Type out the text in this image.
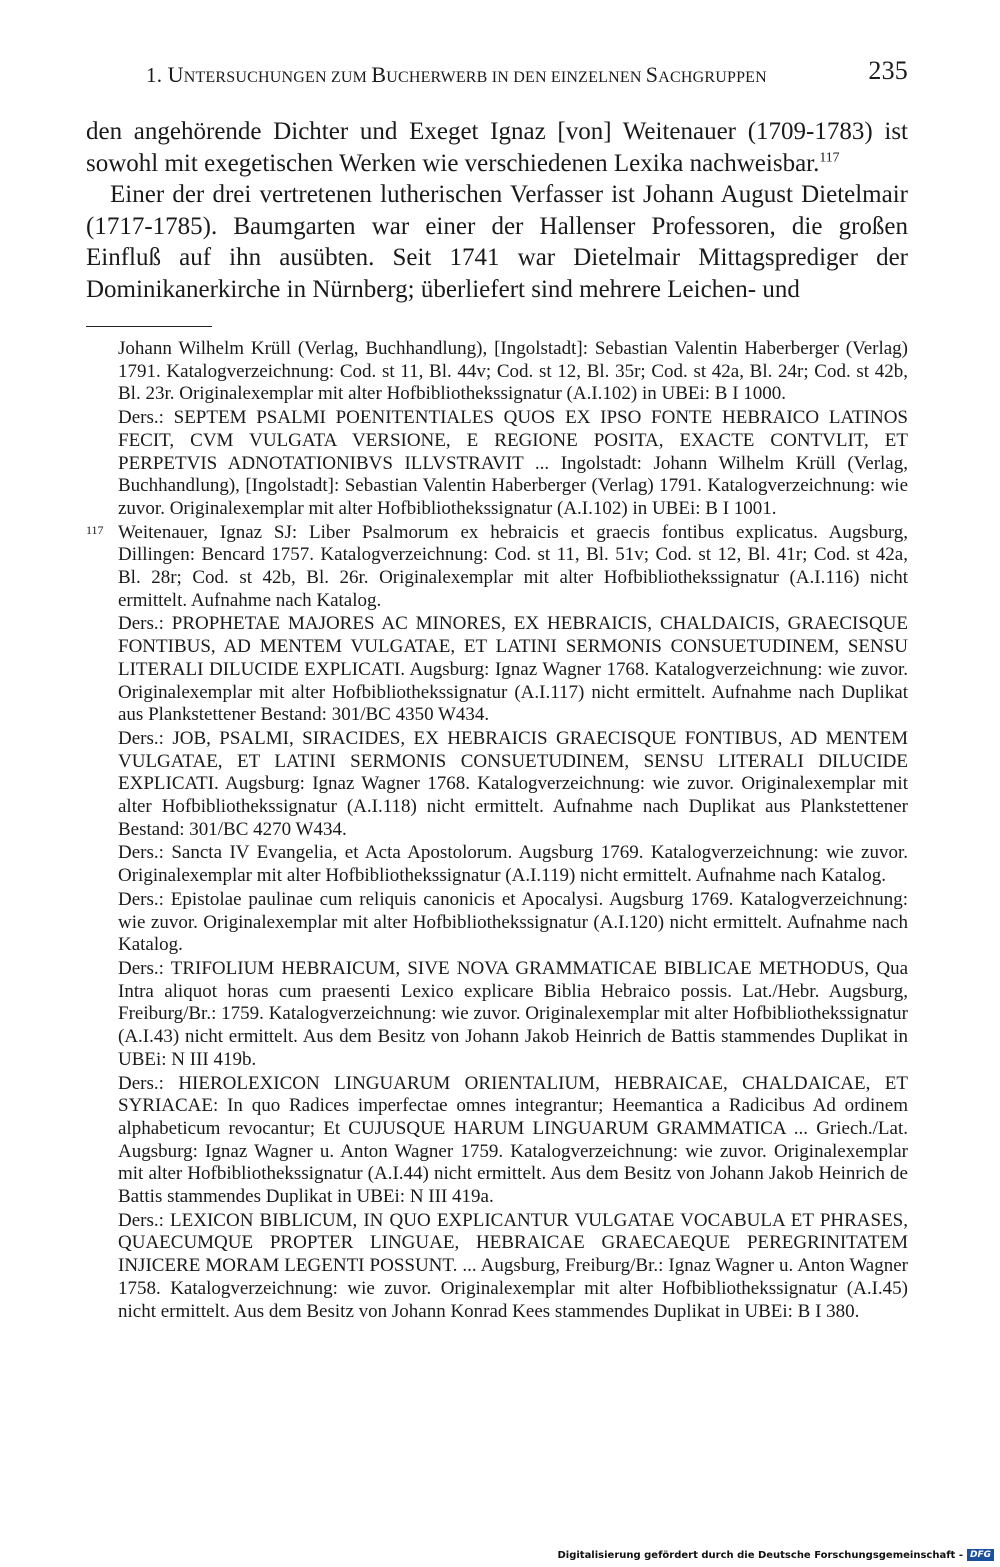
1. UNTERSUCHUNGEN ZUM BUCHERWERB IN DEN EINZELNEN SACHGRUPPEN	235

den angehörende Dichter und Exeget Ignaz [von] Weitenauer (1709-1783) ist sowohl mit exegetischen Werken wie verschiedenen Lexika nachweisbar.$^{117}$

Einer der drei vertretenen lutherischen Verfasser ist Johann August Dietelmair (1717-1785). Baumgarten war einer der Hallenser Professoren, die großen Einfluß auf ihn ausübten. Seit 1741 war Dietelmair Mittagsprediger der Dominikanerkirche in Nürnberg; überliefert sind mehrere Leichen- und

Johann Wilhelm Krüll (Verlag, Buchhandlung), [Ingolstadt]: Sebastian Valentin Haberberger (Verlag) 1791. Katalogverzeichnung: Cod. st 11, Bl. 44v; Cod. st 12, Bl. 35r; Cod. st 42a, Bl. 24r; Cod. st 42b, Bl. 23r. Originalexemplar mit alter Hofbibliothekssignatur (A.I.102) in UBEi: B I 1000.

Ders.: SEPTEM PSALMI POENITENTIALES QUOS EX IPSO FONTE HEBRAICO LATINOS FECIT, CVM VULGATA VERSIONE, E REGIONE POSITA, EXACTE CONTVLIT, ET PERPETVIS ADNOTATIONIBVS ILLVSTRAVIT ... Ingolstadt: Johann Wilhelm Krüll (Verlag, Buchhandlung), [Ingolstadt]: Sebastian Valentin Haberberger (Verlag) 1791. Katalogverzeichnung: wie zuvor. Originalexemplar mit alter Hofbibliothekssignatur (A.I.102) in UBEi: B I 1001.

117 Weitenauer, Ignaz SJ: Liber Psalmorum ex hebraicis et graecis fontibus explicatus. Augsburg, Dillingen: Bencard 1757. Katalogverzeichnung: Cod. st 11, Bl. 51v; Cod. st 12, Bl. 41r; Cod. st 42a, Bl. 28r; Cod. st 42b, Bl. 26r. Originalexemplar mit alter Hofbibliothekssignatur (A.I.116) nicht ermittelt. Aufnahme nach Katalog.

Ders.: PROPHETAE MAJORES AC MINORES, EX HEBRAICIS, CHALDAICIS, GRAECISQUE FONTIBUS, AD MENTEM VULGATAE, ET LATINI SERMONIS CONSUETUDINEM, SENSU LITERALI DILUCIDE EXPLICATI. Augsburg: Ignaz Wagner 1768. Katalogverzeichnung: wie zuvor. Originalexemplar mit alter Hofbibliothekssignatur (A.I.117) nicht ermittelt. Aufnahme nach Duplikat aus Plankstettener Bestand: 301/BC 4350 W434.

Ders.: JOB, PSALMI, SIRACIDES, EX HEBRAICIS GRAECISQUE FONTIBUS, AD MENTEM VULGATAE, ET LATINI SERMONIS CONSUETUDINEM, SENSU LITERALI DILUCIDE EXPLICATI. Augsburg: Ignaz Wagner 1768. Katalogverzeichnung: wie zuvor. Originalexemplar mit alter Hofbibliothekssignatur (A.I.118) nicht ermittelt. Aufnahme nach Duplikat aus Plankstettener Bestand: 301/BC 4270 W434.

Ders.: Sancta IV Evangelia, et Acta Apostolorum. Augsburg 1769. Katalogverzeichnung: wie zuvor. Originalexemplar mit alter Hofbibliothekssignatur (A.I.119) nicht ermittelt. Aufnahme nach Katalog.

Ders.: Epistolae paulinae cum reliquis canonicis et Apocalysi. Augsburg 1769. Katalogverzeichnung: wie zuvor. Originalexemplar mit alter Hofbibliothekssignatur (A.I.120) nicht ermittelt. Aufnahme nach Katalog.

Ders.: TRIFOLIUM HEBRAICUM, SIVE NOVA GRAMMATICAE BIBLICAE METHODUS, Qua Intra aliquot horas cum praesenti Lexico explicare Biblia Hebraico possis. Lat./Hebr. Augsburg, Freiburg/Br.: 1759. Katalogverzeichnung: wie zuvor. Originalexemplar mit alter Hofbibliothekssignatur (A.I.43) nicht ermittelt. Aus dem Besitz von Johann Jakob Heinrich de Battis stammendes Duplikat in UBEi: N III 419b.

Ders.: HIEROLEXICON LINGUARUM ORIENTALIUM, HEBRAICAE, CHALDAICAE, ET SYRIACAE: In quo Radices imperfectae omnes integrantur; Heemantica a Radicibus Ad ordinem alphabeticum revocantur; Et CUJUSQUE HARUM LINGUARUM GRAMMATICA ... Griech./Lat. Augsburg: Ignaz Wagner u. Anton Wagner 1759. Katalogverzeichnung: wie zuvor. Originalexemplar mit alter Hofbibliothekssignatur (A.I.44) nicht ermittelt. Aus dem Besitz von Johann Jakob Heinrich de Battis stammendes Duplikat in UBEi: N III 419a.

Ders.: LEXICON BIBLICUM, IN QUO EXPLICANTUR VULGATAE VOCABULA ET PHRASES, QUAECUMQUE PROPTER LINGUAE, HEBRAICAE GRAECAEQUE PEREGRINITATEM INJICERE MORAM LEGENTI POSSUNT. ... Augsburg, Freiburg/Br.: Ignaz Wagner u. Anton Wagner 1758. Katalogverzeichnung: wie zuvor. Originalexemplar mit alter Hofbibliothekssignatur (A.I.45) nicht ermittelt. Aus dem Besitz von Johann Konrad Kees stammendes Duplikat in UBEi: B I 380.

Digitalisierung gefördert durch die Deutsche Forschungsgemeinschaft - DFG
